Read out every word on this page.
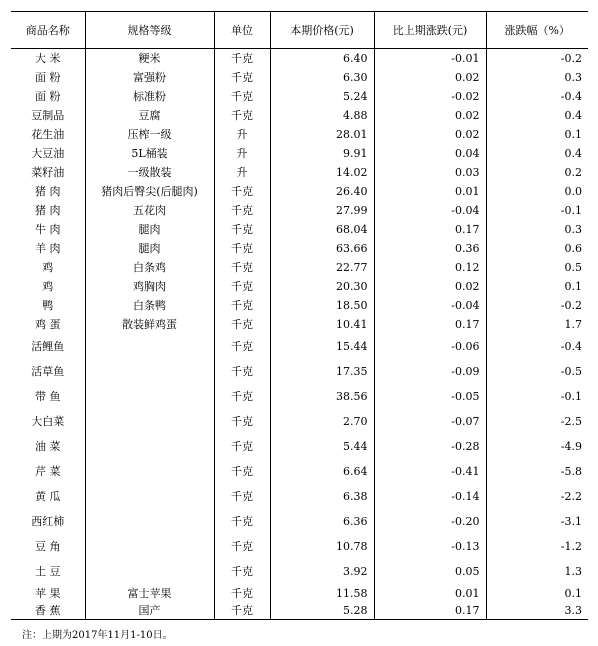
商品名称	规格等级	单位	本期价格(元)	比上期涨跌(元)	涨跌幅（%）
大 米	粳米	千克	6.40	-0.01	-0.2
面 粉	富强粉	千克	6.30	0.02	0.3
面 粉	标准粉	千克	5.24	-0.02	-0.4
豆制品	豆腐	千克	4.88	0.02	0.4
花生油	压榨一级	升	28.01	0.02	0.1
大豆油	5L桶装	升	9.91	0.04	0.4
菜籽油	一级散装	升	14.02	0.03	0.2
猪 肉	猪肉后臀尖(后腿肉)	千克	26.40	0.01	0.0
猪 肉	五花肉	千克	27.99	-0.04	-0.1
牛 肉	腿肉	千克	68.04	0.17	0.3
羊 肉	腿肉	千克	63.66	0.36	0.6
鸡	白条鸡	千克	22.77	0.12	0.5
鸡	鸡胸肉	千克	20.30	0.02	0.1
鸭	白条鸭	千克	18.50	-0.04	-0.2
鸡 蛋	散装鲜鸡蛋	千克	10.41	0.17	1.7
活鲤鱼		千克	15.44	-0.06	-0.4
活草鱼		千克	17.35	-0.09	-0.5
带 鱼		千克	38.56	-0.05	-0.1
大白菜		千克	2.70	-0.07	-2.5
油 菜		千克	5.44	-0.28	-4.9
芹 菜		千克	6.64	-0.41	-5.8
黄 瓜		千克	6.38	-0.14	-2.2
西红柿		千克	6.36	-0.20	-3.1
豆 角		千克	10.78	-0.13	-1.2
土 豆		千克	3.92	0.05	1.3
苹 果	富士苹果	千克	11.58	0.01	0.1
香 蕉	国产	千克	5.28	0.17	3.3
注：上期为2017年11月1-10日。
